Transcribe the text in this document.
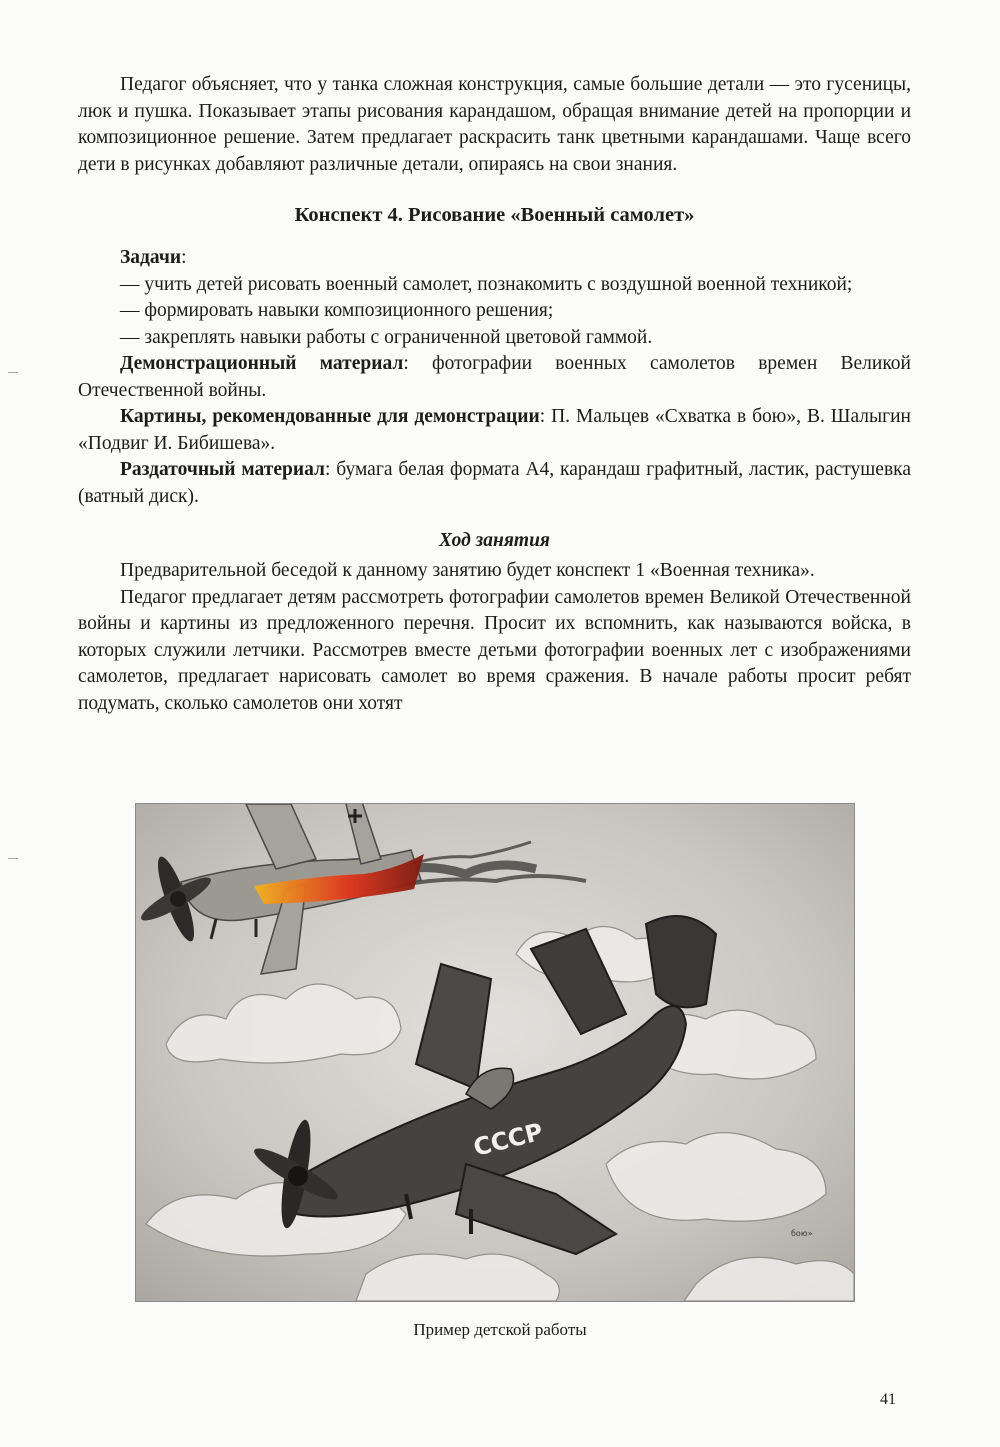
Педагог объясняет, что у танка сложная конструкция, самые большие детали — это гусеницы, люк и пушка. Показывает этапы рисования карандашом, обращая внимание детей на пропорции и композиционное решение. Затем предлагает раскрасить танк цветными карандашами. Чаще всего дети в рисунках добавляют различные детали, опираясь на свои знания.

Конспект 4. Рисование «Военный самолет»

Задачи:

— учить детей рисовать военный самолет, познакомить с воздушной военной техникой;

— формировать навыки композиционного решения;

— закреплять навыки работы с ограниченной цветовой гаммой.

Демонстрационный материал: фотографии военных самолетов времен Великой Отечественной войны.

Картины, рекомендованные для демонстрации: П. Мальцев «Схватка в бою», В. Шалыгин «Подвиг И. Бибишева».

Раздаточный материал: бумага белая формата А4, карандаш графитный, ластик, растушевка (ватный диск).

Ход занятия

Предварительной беседой к данному занятию будет конспект 1 «Военная техника».

Педагог предлагает детям рассмотреть фотографии самолетов времен Великой Отечественной войны и картины из предложенного перечня. Просит их вспомнить, как называются войска, в которых служили летчики. Рассмотрев вместе детьми фотографии военных лет с изображениями самолетов, предлагает нарисовать самолет во время сражения. В начале работы просит ребят подумать, сколько самолетов они хотят

СССР
бою»
Пример детской работы
41
